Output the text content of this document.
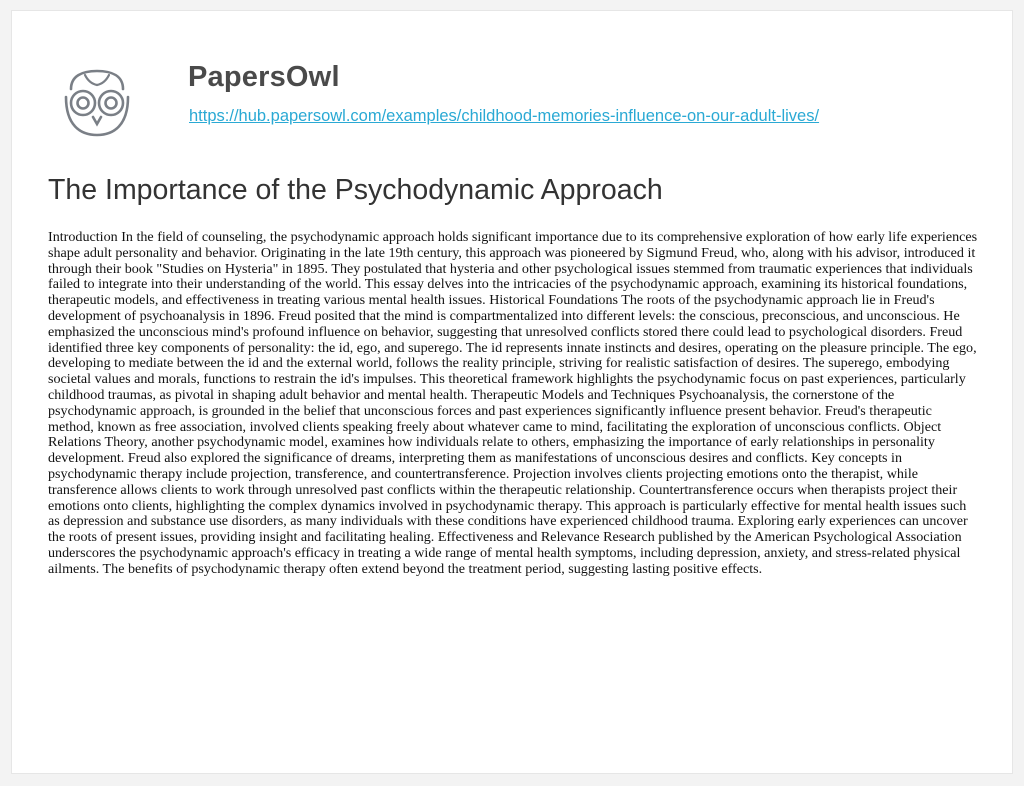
PapersOwl
https://hub.papersowl.com/examples/childhood-memories-influence-on-our-adult-lives/
The Importance of the Psychodynamic Approach

Introduction In the field of counseling, the psychodynamic approach holds significant importance due to its comprehensive exploration of how early life experiences shape adult personality and behavior. Originating in the late 19th century, this approach was pioneered by Sigmund Freud, who, along with his advisor, introduced it through their book "Studies on Hysteria" in 1895. They postulated that hysteria and other psychological issues stemmed from traumatic experiences that individuals failed to integrate into their understanding of the world. This essay delves into the intricacies of the psychodynamic approach, examining its historical foundations, therapeutic models, and effectiveness in treating various mental health issues. Historical Foundations The roots of the psychodynamic approach lie in Freud's development of psychoanalysis in 1896. Freud posited that the mind is compartmentalized into different levels: the conscious, preconscious, and unconscious. He emphasized the unconscious mind's profound influence on behavior, suggesting that unresolved conflicts stored there could lead to psychological disorders. Freud identified three key components of personality: the id, ego, and superego. The id represents innate instincts and desires, operating on the pleasure principle. The ego, developing to mediate between the id and the external world, follows the reality principle, striving for realistic satisfaction of desires. The superego, embodying societal values and morals, functions to restrain the id's impulses. This theoretical framework highlights the psychodynamic focus on past experiences, particularly childhood traumas, as pivotal in shaping adult behavior and mental health. Therapeutic Models and Techniques Psychoanalysis, the cornerstone of the psychodynamic approach, is grounded in the belief that unconscious forces and past experiences significantly influence present behavior. Freud's therapeutic method, known as free association, involved clients speaking freely about whatever came to mind, facilitating the exploration of unconscious conflicts. Object Relations Theory, another psychodynamic model, examines how individuals relate to others, emphasizing the importance of early relationships in personality development. Freud also explored the significance of dreams, interpreting them as manifestations of unconscious desires and conflicts. Key concepts in psychodynamic therapy include projection, transference, and countertransference. Projection involves clients projecting emotions onto the therapist, while transference allows clients to work through unresolved past conflicts within the therapeutic relationship. Countertransference occurs when therapists project their emotions onto clients, highlighting the complex dynamics involved in psychodynamic therapy. This approach is particularly effective for mental health issues such as depression and substance use disorders, as many individuals with these conditions have experienced childhood trauma. Exploring early experiences can uncover the roots of present issues, providing insight and facilitating healing. Effectiveness and Relevance Research published by the American Psychological Association underscores the psychodynamic approach's efficacy in treating a wide range of mental health symptoms, including depression, anxiety, and stress-related physical ailments. The benefits of psychodynamic therapy often extend beyond the treatment period, suggesting lasting positive effects.
